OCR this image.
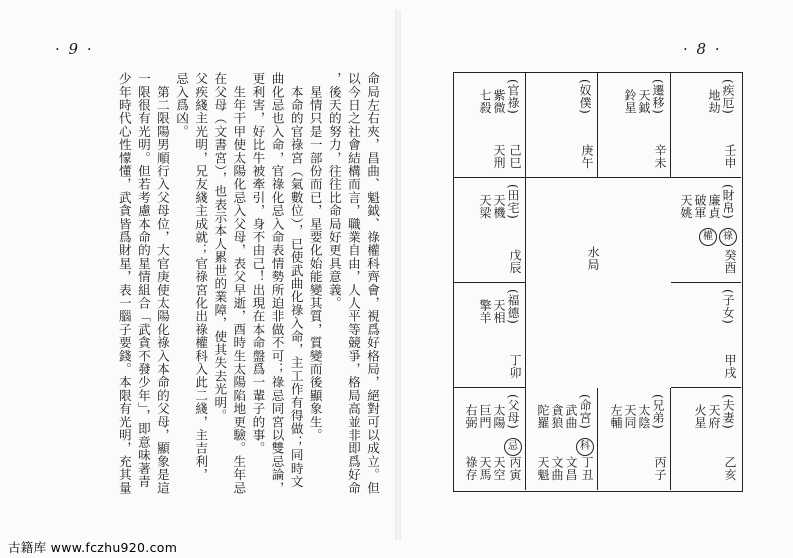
· 9 ·

命局左右夾，昌曲、魁鉞、祿權科齊會，視爲好格局，絕對可以成立。但

以今日之社會結構而言，職業自由，人人平等競爭，格局高並非即爲好命

，後天的努力，往往比命局好更具意義。

　星情只是一部份而已，星要化始能變其質，質變而後顯象生。

　本命的官祿宮（氣數位），已使武曲化祿入命，主工作有得做；同時文

曲化忌也入命，官祿化忌入命表情勢所迫非做不可；祿忌同宮以雙忌論，

更利害，好比牛被牽引，身不由己！出現在本命盤爲一輩子的事。

　生年干甲使太陽化忌入父母，表父早逝，酉時生太陽陷地更驗。生年忌

在父母（文書宮），也表示本人累世的業障，使其失去光明。

父疾綫主光明，兄友綫主成就；官祿宮化出祿權科入此二綫，主吉利，

忌入爲凶。

　第二限陽男順行入父母位，大官庚使太陽化祿入本命的父母，顯象是這

一限很有光明。但若考慮本命的星情組合「武貪不發少年」，即意味著青

少年時代心性懞懂，武貪皆爲財星，表一腦子要錢。本限有光明，充其量

· 8 ·
水局
(疾厄)
地劫
壬申
(遷移)
天鉞
鈴星
辛未
(奴僕)
庚午
(官祿)
紫微
七殺
己巳
天刑
(財帛)
廉貞
破軍
天姚
祿
權
癸酉
(田宅)
天機
天梁
戊辰
(子女)
甲戌
(福德)
天相
擎羊
丁卯
(夫妻)
天府
火星
乙亥
(兄弟)
太陰
天同
左輔
丙子
(命宮)
武曲
貪狼
陀羅
科
丁丑
文昌
文曲
天魁
(父母)
太陽
巨門
右弼
忌
丙寅
天空
天馬
祿存
古籍库 www.fczhu920.com
